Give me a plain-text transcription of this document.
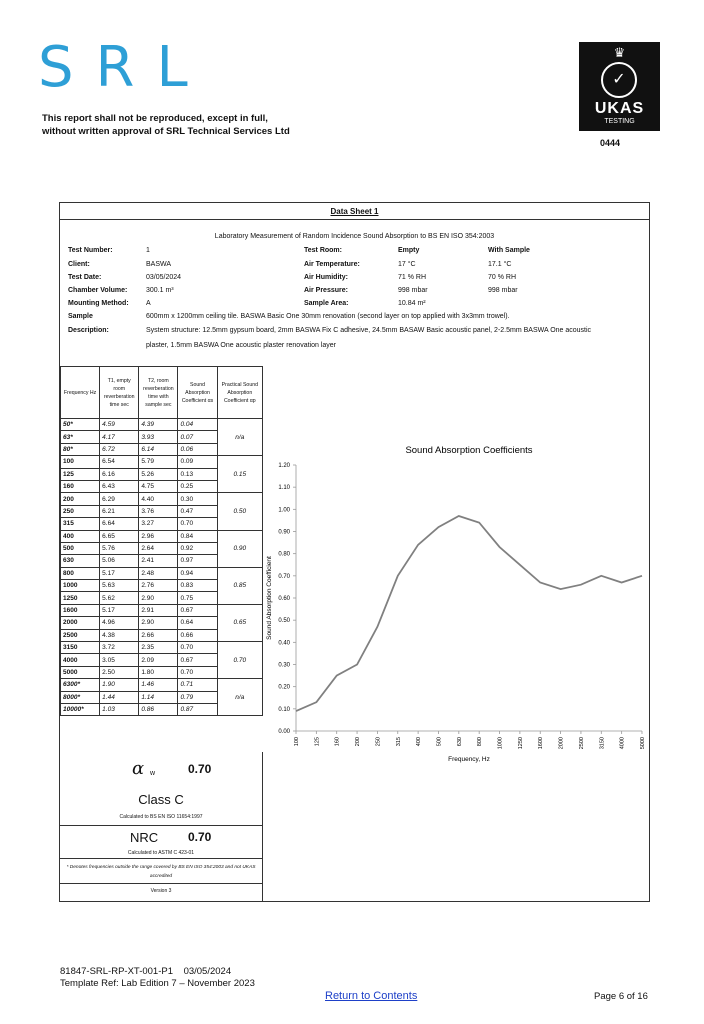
SRL
This report shall not be reproduced, except in full,
without written approval of SRL Technical Services Ltd
♛
✓
UKAS
TESTING
0444
Data Sheet 1
Laboratory Measurement of Random Incidence Sound Absorption to BS EN ISO 354:2003
Test Number:	1
Client:	BASWA
Test Date:	03/05/2024
Chamber Volume:	300.1 m³
Mounting Method: A
Sample	600mm x 1200mm ceiling tile. BASWA Basic One 30mm renovation (second layer on top applied with 3x3mm trowel).
Description:	System structure: 12.5mm gypsum board, 2mm BASWA Fix C adhesive, 24.5mm BASAW Basic acoustic panel, 2-2.5mm BASWA One acoustic
plaster, 1.5mm BASWA One acoustic plaster renovation layer
Test Room:	Empty	With Sample
Air Temperature:	17 °C	17.1 °C
Air Humidity:	71 % RH	70 % RH
Air Pressure:	998 mbar	998 mbar
Sample Area:	10.84 m²
Frequency Hz	T1, empty room reverberation time sec	T2, room reverberation time with sample sec	Sound Absorption Coefficient αs	Practical Sound Absorption Coefficient αp
50*	4.59	4.39	0.04	n/a
63*	4.17	3.93	0.07	
80*	6.72	6.14	0.06	
100	6.54	5.79	0.09	0.15
125	6.16	5.26	0.13	
160	6.43	4.75	0.25	
200	6.29	4.40	0.30	0.50
250	6.21	3.76	0.47	
315	6.64	3.27	0.70	
400	6.65	2.96	0.84	0.90
500	5.76	2.64	0.92	
630	5.06	2.41	0.97	
800	5.17	2.48	0.94	0.85
1000	5.63	2.76	0.83	
1250	5.62	2.90	0.75	
1600	5.17	2.91	0.67	0.65
2000	4.96	2.90	0.64	
2500	4.38	2.66	0.66	
3150	3.72	2.35	0.70	0.70
4000	3.05	2.09	0.67	
5000	2.50	1.80	0.70	
6300*	1.90	1.46	0.71	n/a
8000*	1.44	1.14	0.79	
10000*	1.03	0.86	0.87	
α w	0.70
Class C
Calculated to BS EN ISO 11654:1997
NRC 0.70
Calculated to ASTM C 423-01
* Denotes frequencies outside the range covered by BS EN ISO 354:2003 and not UKAS accredited
Version 3
Sound Absorption Coefficients
0.00
0.10
0.20
0.30
0.40
0.50
0.60
0.70
0.80
0.90
1.00
1.10
1.20
100	125	160	200	250	315	400	500	630	800	1000	1250	1600	2000	2500	3150	4000	5000
Frequency, Hz
Sound Absorption Coefficient
81847-SRL-RP-XT-001-P1 03/05/2024
Template Ref: Lab Edition 7 – November 2023
Return to Contents	Page 6 of 16
